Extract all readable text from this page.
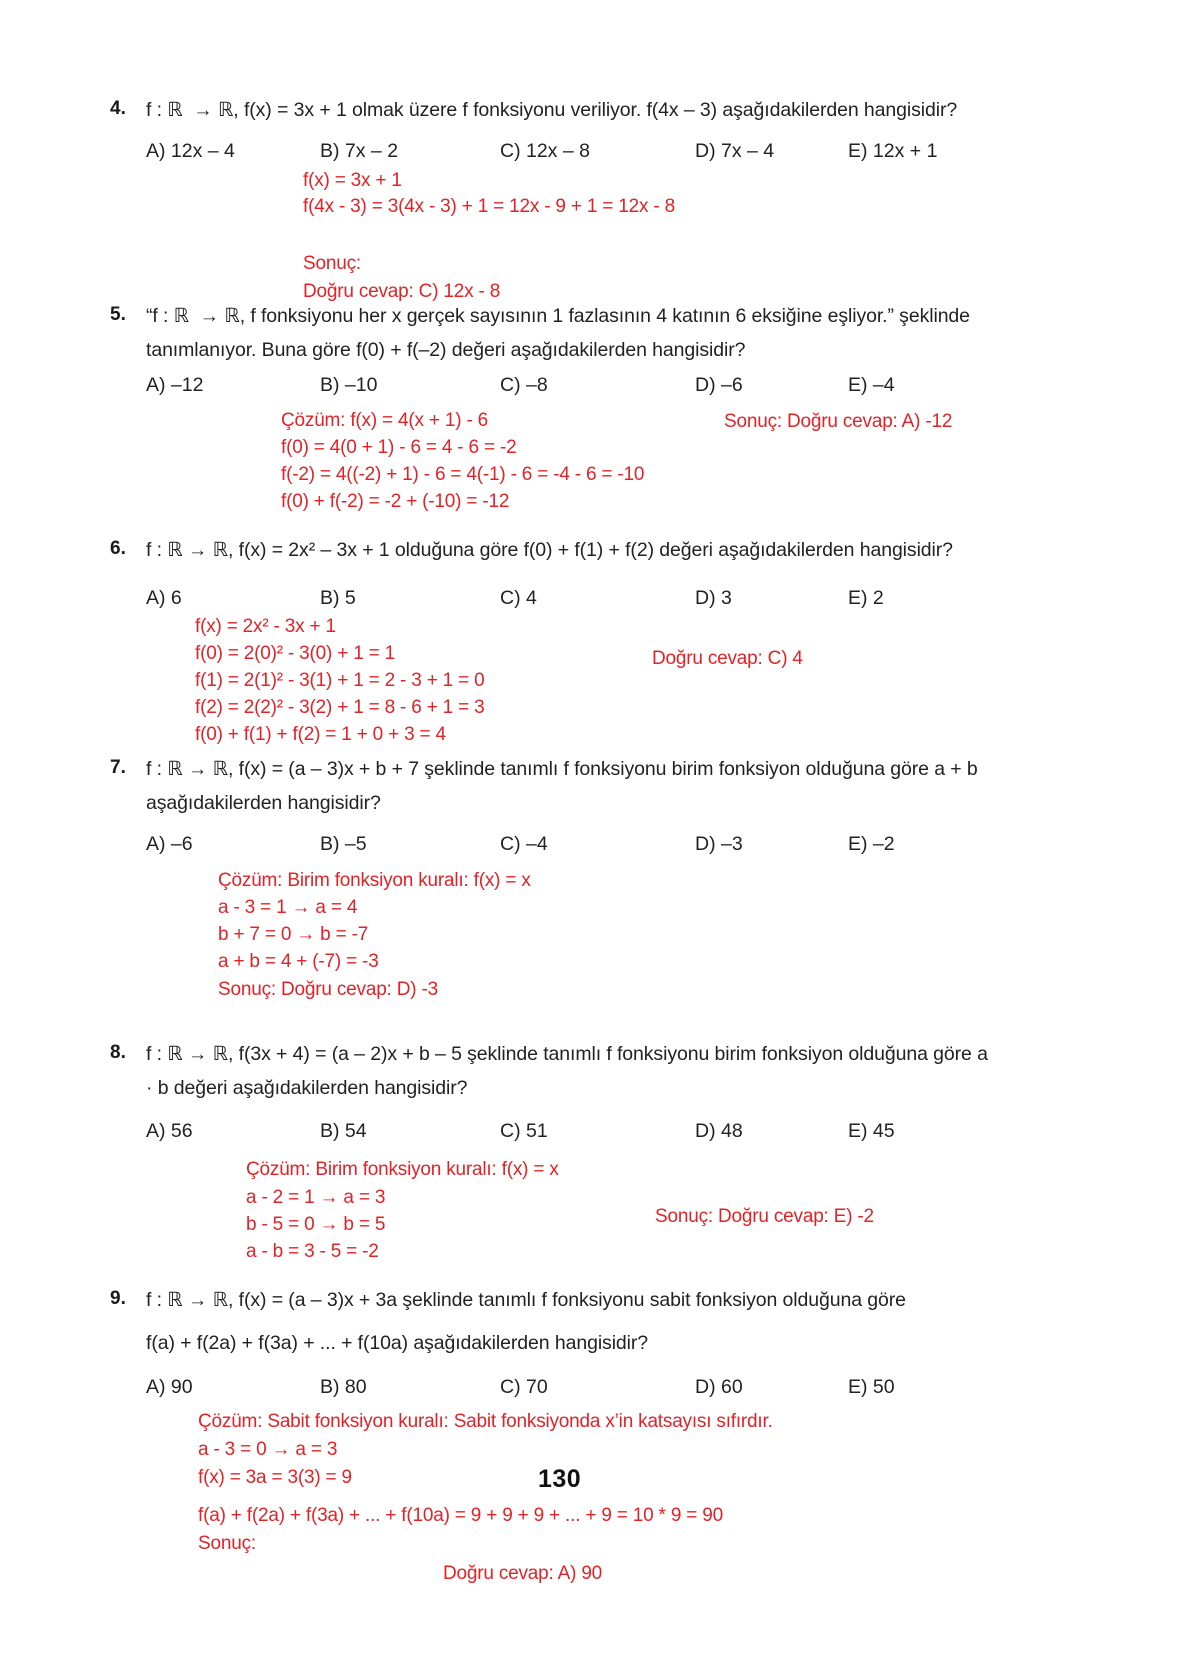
4. f : ℝ  → ℝ, f(x) = 3x + 1 olmak üzere f fonksiyonu veriliyor. f(4x – 3) aşağıdakilerden hangisidir?
A) 12x – 4	B) 7x – 2	C) 12x – 8	D) 7x – 4	E) 12x + 1
f(x) = 3x + 1
f(4x - 3) = 3(4x - 3) + 1 = 12x - 9 + 1 = 12x - 8
Sonuç:
Doğru cevap: C) 12x - 8
5. “f : ℝ  → ℝ, f fonksiyonu her x gerçek sayısının 1 fazlasının 4 katının 6 eksiğine eşliyor.” şeklinde
tanımlanıyor. Buna göre f(0) + f(–2) değeri aşağıdakilerden hangisidir?
A) –12	B) –10	C) –8	D) –6	E) –4
Çözüm: f(x) = 4(x + 1) - 6
f(0) = 4(0 + 1) - 6 = 4 - 6 = -2
f(-2) = 4((-2) + 1) - 6 = 4(-1) - 6 = -4 - 6 = -10
f(0) + f(-2) = -2 + (-10) = -12
Sonuç: Doğru cevap: A) -12
6. f : ℝ → ℝ, f(x) = 2x² – 3x + 1 olduğuna göre f(0) + f(1) + f(2) değeri aşağıdakilerden hangisidir?
A) 6	B) 5	C) 4	D) 3	E) 2
f(x) = 2x² - 3x + 1
f(0) = 2(0)² - 3(0) + 1 = 1
f(1) = 2(1)² - 3(1) + 1 = 2 - 3 + 1 = 0
f(2) = 2(2)² - 3(2) + 1 = 8 - 6 + 1 = 3
f(0) + f(1) + f(2) = 1 + 0 + 3 = 4
Doğru cevap: C) 4
7. f : ℝ → ℝ, f(x) = (a – 3)x + b + 7 şeklinde tanımlı f fonksiyonu birim fonksiyon olduğuna göre a + b
aşağıdakilerden hangisidir?
A) –6	B) –5	C) –4	D) –3	E) –2
Çözüm: Birim fonksiyon kuralı: f(x) = x
a - 3 = 1 → a = 4
b + 7 = 0 → b = -7
a + b = 4 + (-7) = -3
Sonuç: Doğru cevap: D) -3
8. f : ℝ → ℝ, f(3x + 4) = (a – 2)x + b – 5 şeklinde tanımlı f fonksiyonu birim fonksiyon olduğuna göre a
· b değeri aşağıdakilerden hangisidir?
A) 56	B) 54	C) 51	D) 48	E) 45
Çözüm: Birim fonksiyon kuralı: f(x) = x
a - 2 = 1 → a = 3
b - 5 = 0 → b = 5
a - b = 3 - 5 = -2
Sonuç: Doğru cevap: E) -2
9. f : ℝ → ℝ, f(x) = (a – 3)x + 3a şeklinde tanımlı f fonksiyonu sabit fonksiyon olduğuna göre
f(a) + f(2a) + f(3a) + ... + f(10a) aşağıdakilerden hangisidir?
A) 90	B) 80	C) 70	D) 60	E) 50
Çözüm: Sabit fonksiyon kuralı: Sabit fonksiyonda x’in katsayısı sıfırdır.
a - 3 = 0 → a = 3
f(x) = 3a = 3(3) = 9
f(a) + f(2a) + f(3a) + ... + f(10a) = 9 + 9 + 9 + ... + 9 = 10 * 9 = 90
Sonuç:
Doğru cevap: A) 90
130
